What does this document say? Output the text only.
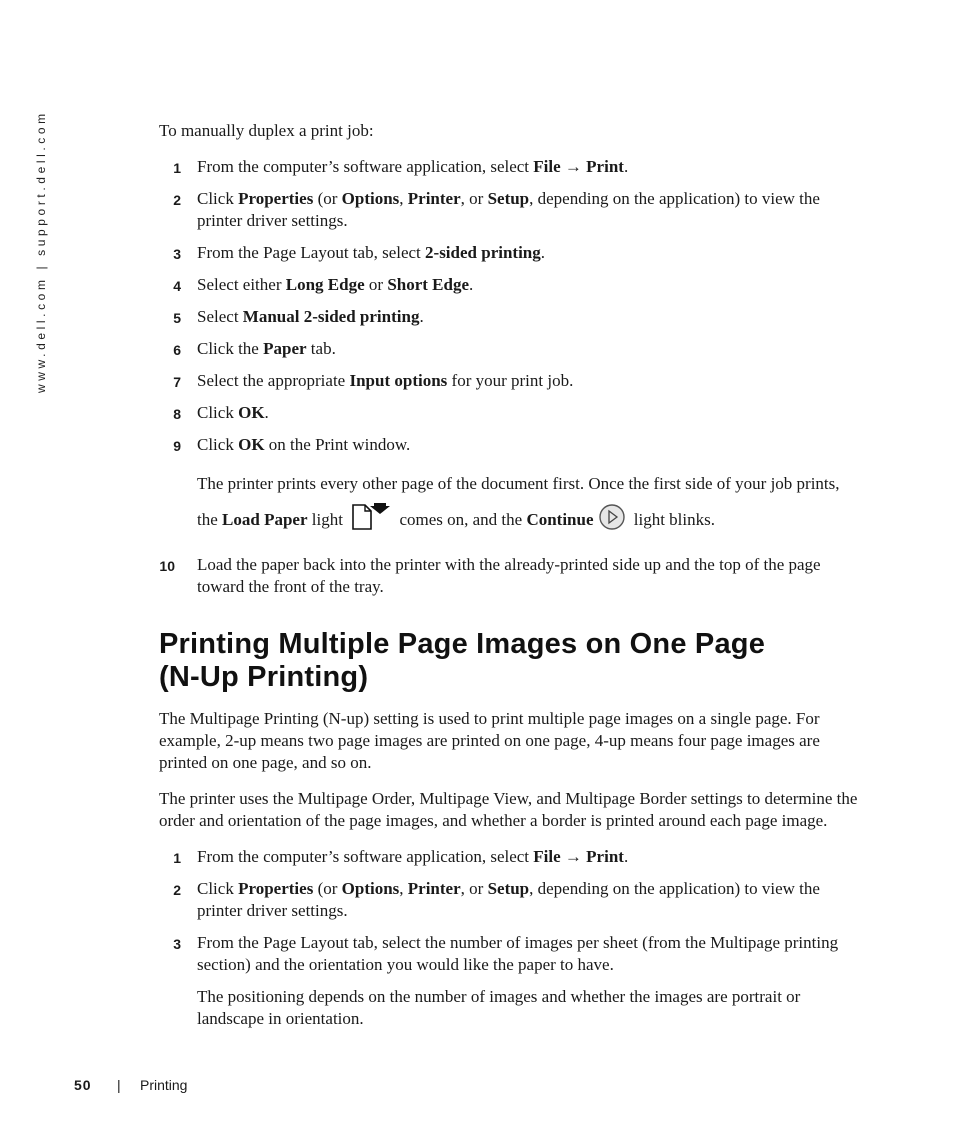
www.dell.com | support.dell.com	To manually duplex a print job:

1 From the computer’s software application, select File → Print.
2 Click Properties (or Options, Printer, or Setup, depending on the application) to view the printer driver settings.
3 From the Page Layout tab, select 2-sided printing.
4 Select either Long Edge or Short Edge.
5 Select Manual 2-sided printing.
6 Click the Paper tab.
7 Select the appropriate Input options for your print job.
8 Click OK.
9 Click OK on the Print window.

The printer prints every other page of the document first. Once the first side of your job prints, the Load Paper light	comes on, and the Continue light blinks.

10 Load the paper back into the printer with the already-printed side up and the top of the page toward the front of the tray.
Printing Multiple Page Images on One Page
(N-Up Printing)

The Multipage Printing (N-up) setting is used to print multiple page images on a single page. For example, 2-up means two page images are printed on one page, 4-up means four page images are printed on one page, and so on.

The printer uses the Multipage Order, Multipage View, and Multipage Border settings to determine the order and orientation of the page images, and whether a border is printed around each page image.

1 From the computer’s software application, select File → Print.
2 Click Properties (or Options, Printer, or Setup, depending on the application) to view the printer driver settings.
3 From the Page Layout tab, select the number of images per sheet (from the Multipage printing section) and the orientation you would like the paper to have.

The positioning depends on the number of images and whether the images are portrait or landscape in orientation.

50 | Printing
